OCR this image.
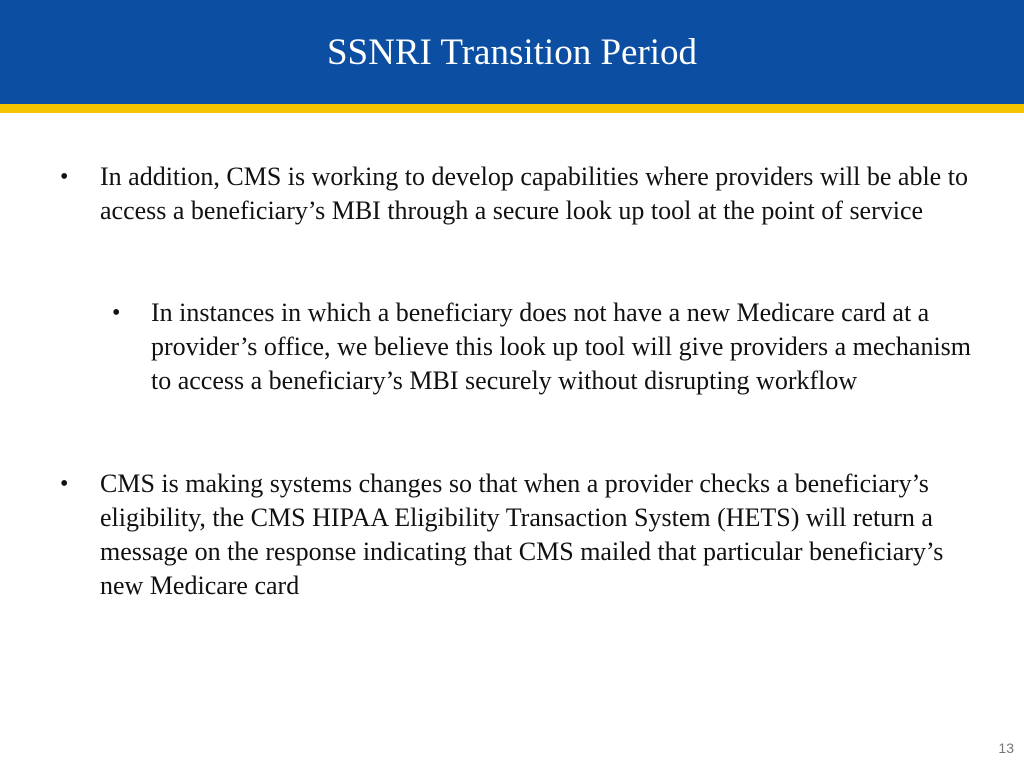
SSNRI Transition Period
• In addition, CMS is working to develop capabilities where providers will be able to access a beneficiary’s MBI through a secure look up tool at the point of service
• In instances in which a beneficiary does not have a new Medicare card at a provider’s office, we believe this look up tool will give providers a mechanism to access a beneficiary’s MBI securely without disrupting workflow
• CMS is making systems changes so that when a provider checks a beneficiary’s eligibility, the CMS HIPAA Eligibility Transaction System (HETS) will return a message on the response indicating that CMS mailed that particular beneficiary’s new Medicare card
13
